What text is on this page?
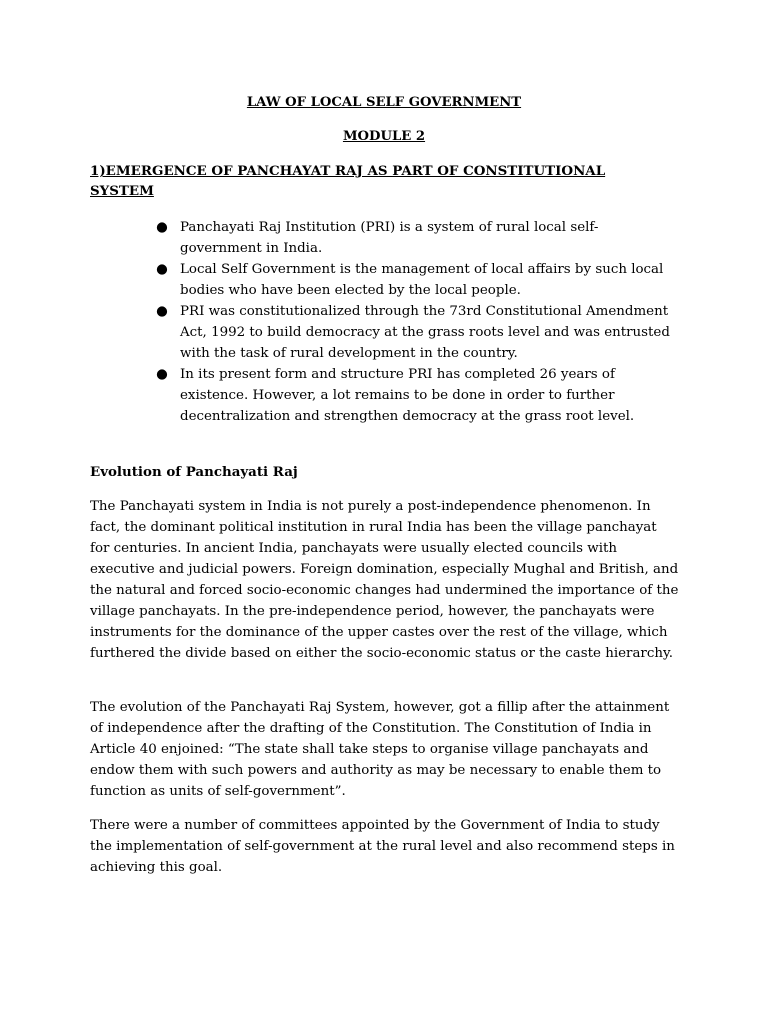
LAW OF LOCAL SELF GOVERNMENT
MODULE 2
1)EMERGENCE OF PANCHAYAT RAJ AS PART OF CONSTITUTIONAL SYSTEM
● Panchayati Raj Institution (PRI) is a system of rural local self-government in India.
● Local Self Government is the management of local affairs by such local bodies who have been elected by the local people.
● PRI was constitutionalized through the 73rd Constitutional Amendment Act, 1992 to build democracy at the grass roots level and was entrusted with the task of rural development in the country.
● In its present form and structure PRI has completed 26 years of existence. However, a lot remains to be done in order to further decentralization and strengthen democracy at the grass root level.
Evolution of Panchayati Raj

The Panchayati system in India is not purely a post-independence phenomenon. In fact, the dominant political institution in rural India has been the village panchayat for centuries. In ancient India, panchayats were usually elected councils with executive and judicial powers. Foreign domination, especially Mughal and British, and the natural and forced socio-economic changes had undermined the importance of the village panchayats. In the pre-independence period, however, the panchayats were instruments for the dominance of the upper castes over the rest of the village, which furthered the divide based on either the socio-economic status or the caste hierarchy.

The evolution of the Panchayati Raj System, however, got a fillip after the attainment of independence after the drafting of the Constitution. The Constitution of India in Article 40 enjoined: “The state shall take steps to organise village panchayats and endow them with such powers and authority as may be necessary to enable them to function as units of self-government”.

There were a number of committees appointed by the Government of India to study the implementation of self-government at the rural level and also recommend steps in achieving this goal.
